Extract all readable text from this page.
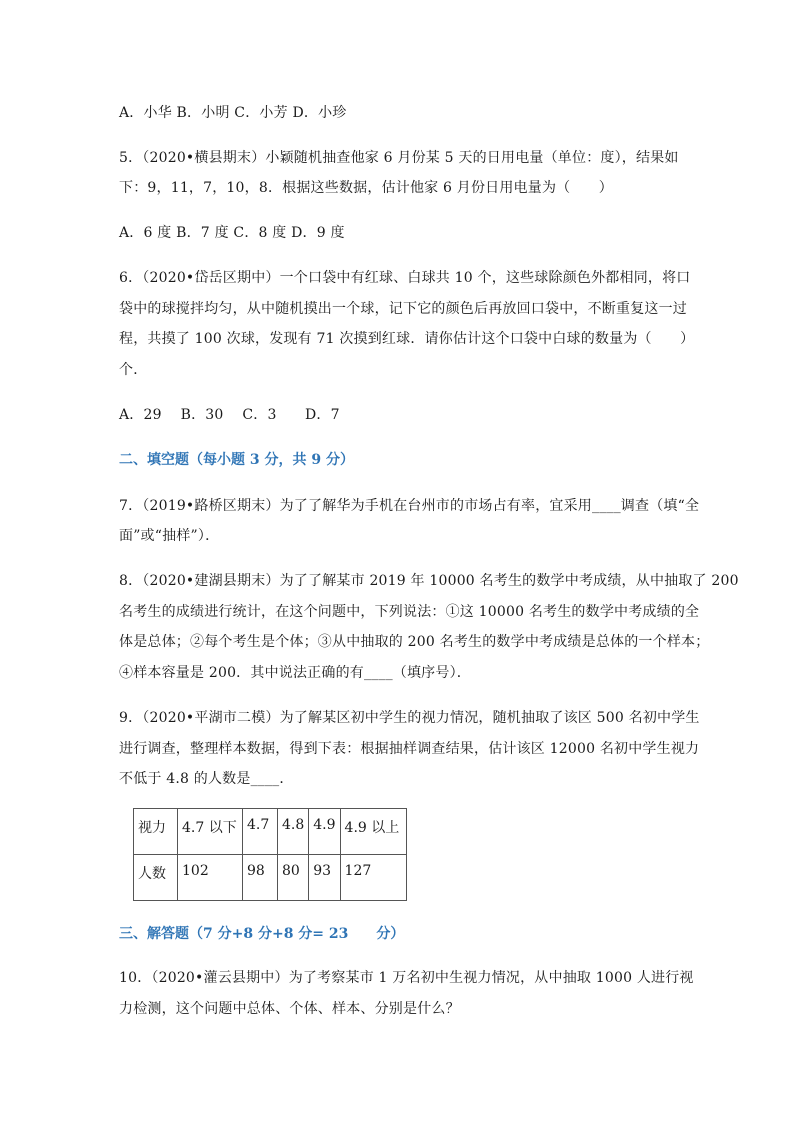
A．小华 B．小明 C．小芳 D．小珍
5．（2020•横县期末）小颖随机抽查他家 6 月份某 5 天的日用电量（单位：度），结果如
下：9，11，7，10，8．根据这些数据，估计他家 6 月份日用电量为（　　）
A．6 度 B．7 度 C．8 度 D．9 度
6．（2020•岱岳区期中）一个口袋中有红球、白球共 10 个，这些球除颜色外都相同，将口
袋中的球搅拌均匀，从中随机摸出一个球，记下它的颜色后再放回口袋中，不断重复这一过
程，共摸了 100 次球，发现有 71 次摸到红球．请你估计这个口袋中白球的数量为（　　）
个．
A．29　 B．30　 C．3　　D．7
二、填空题（每小题 3 分，共 9 分）
7．（2019•路桥区期末）为了了解华为手机在台州市的市场占有率，宜采用____调查（填“全
面”或“抽样”）．
8．（2020•建湖县期末）为了了解某市 2019 年 10000 名考生的数学中考成绩，从中抽取了 200
名考生的成绩进行统计，在这个问题中，下列说法：①这 10000 名考生的数学中考成绩的全
体是总体；②每个考生是个体；③从中抽取的 200 名考生的数学中考成绩是总体的一个样本；
④样本容量是 200．其中说法正确的有____（填序号）．
9．（2020•平湖市二模）为了解某区初中学生的视力情况，随机抽取了该区 500 名初中学生
进行调查，整理样本数据，得到下表：根据抽样调查结果，估计该区 12000 名初中学生视力
不低于 4.8 的人数是____．
视力	4.7 以下	4.7	4.8	4.9	4.9 以上
人数	102	98	80	93	127
三、解答题（7 分+8 分+8 分= 23　　分）
10．（2020•灌云县期中）为了考察某市 1 万名初中生视力情况，从中抽取 1000 人进行视
力检测，这个问题中总体、个体、样本、分别是什么？
